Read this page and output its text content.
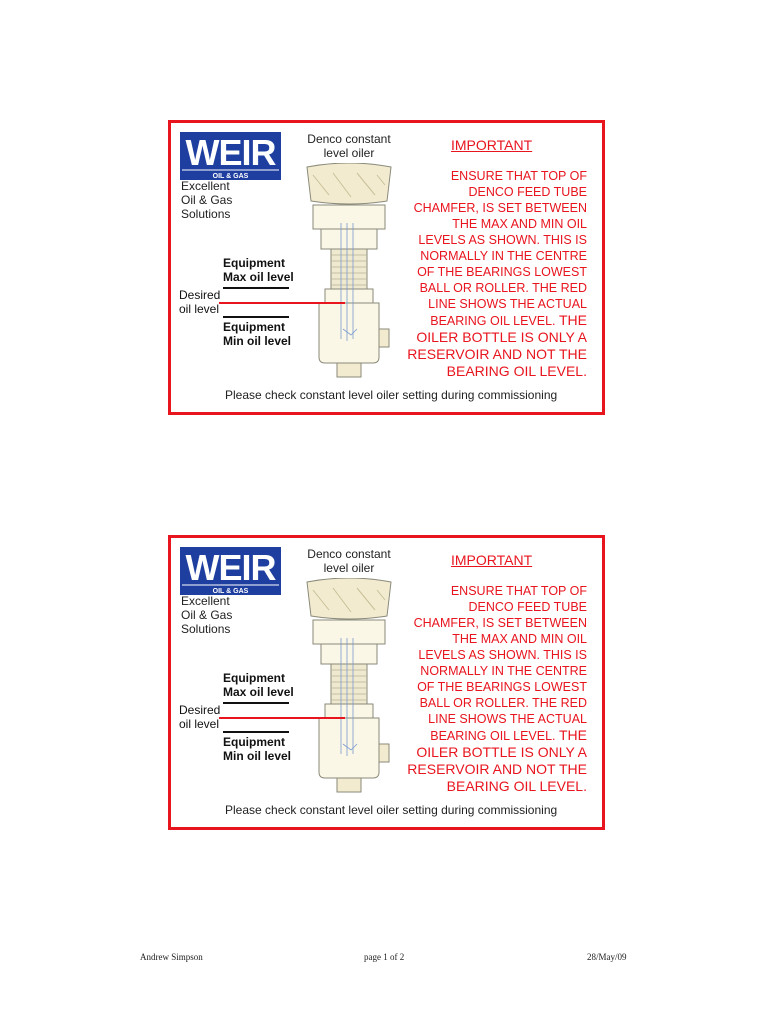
WEIR
OIL & GAS
Excellent
Oil & Gas
Solutions
Denco constant
level oiler	IMPORTANT
ENSURE THAT TOP OF
DENCO FEED TUBE
CHAMFER, IS SET BETWEEN
THE MAX AND MIN OIL
LEVELS AS SHOWN. THIS IS
NORMALLY IN THE CENTRE
OF THE BEARINGS LOWEST
BALL OR ROLLER. THE RED
LINE SHOWS THE ACTUAL
BEARING OIL LEVEL. THE
OILER BOTTLE IS ONLY A
RESERVOIR AND NOT THE
BEARING OIL LEVEL.
Equipment
Max oil level
Desired
oil level
Equipment
Min oil level
Please check constant level oiler setting during commissioning
WEIR
OIL & GAS
Excellent
Oil & Gas
Solutions
Denco constant
level oiler	IMPORTANT
ENSURE THAT TOP OF
DENCO FEED TUBE
CHAMFER, IS SET BETWEEN
THE MAX AND MIN OIL
LEVELS AS SHOWN. THIS IS
NORMALLY IN THE CENTRE
OF THE BEARINGS LOWEST
BALL OR ROLLER. THE RED
LINE SHOWS THE ACTUAL
BEARING OIL LEVEL. THE
OILER BOTTLE IS ONLY A
RESERVOIR AND NOT THE
BEARING OIL LEVEL.
Equipment
Max oil level
Desired
oil level
Equipment
Min oil level
Please check constant level oiler setting during commissioning
Andrew Simpson	page 1 of 2	28/May/09
